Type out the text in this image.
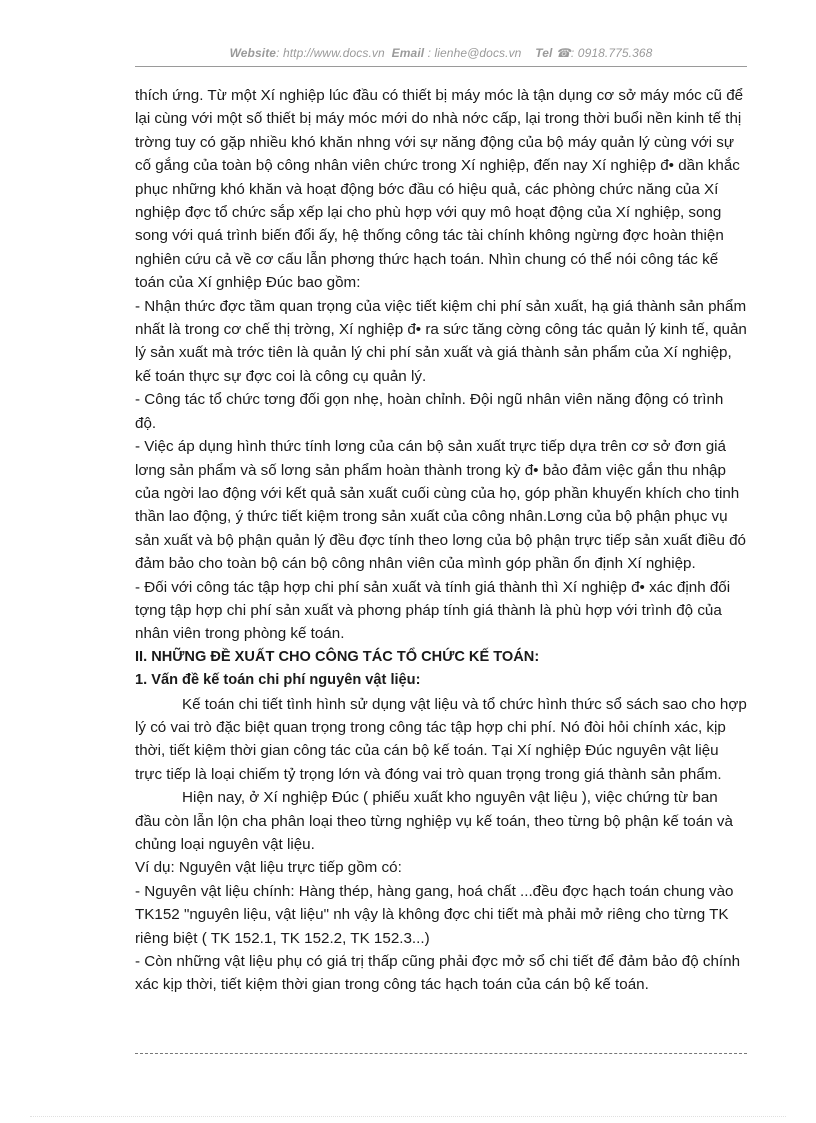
Website: http://www.docs.vn Email : lienhe@docs.vn Tel ☎: 0918.775.368

thích ứng. Từ một Xí nghiệp lúc đầu có thiết bị máy móc là tận dụng cơ sở máy móc cũ để lại cùng với một số thiết bị máy móc mới do nhà nớc cấp, lại trong thời buổi nền kinh tế thị trờng tuy có gặp nhiều khó khăn nhng với sự năng động của bộ máy quản lý cùng với sự cố gắng của toàn bộ công nhân viên chức trong Xí nghiệp, đến nay Xí nghiệp đ• dần khắc phục những khó khăn và hoạt động bớc đầu có hiệu quả, các phòng chức năng của Xí nghiệp đợc tổ chức sắp xếp lại cho phù hợp với quy mô hoạt động của Xí nghiệp, song song với quá trình biến đổi ấy, hệ thống công tác tài chính không ngừng đợc hoàn thiện nghiên cứu cả về cơ cấu lẫn phơng thức hạch toán. Nhìn chung có thể nói công tác kế toán của Xí gnhiệp Đúc bao gồm:

- Nhận thức đợc tầm quan trọng của việc tiết kiệm chi phí sản xuất, hạ giá thành sản phẩm nhất là trong cơ chế thị trờng, Xí nghiệp đ• ra sức tăng cờng công tác quản lý kinh tế, quản lý sản xuất mà trớc tiên là quản lý chi phí sản xuất và giá thành sản phẩm của Xí nghiệp, kế toán thực sự đợc coi là công cụ quản lý.

- Công tác tổ chức tơng đối gọn nhẹ, hoàn chỉnh. Đội ngũ nhân viên năng động có trình độ.

- Việc áp dụng hình thức tính lơng của cán bộ sản xuất trực tiếp dựa trên cơ sở đơn giá lơng sản phẩm và số lơng sản phẩm hoàn thành trong kỳ đ• bảo đảm việc gắn thu nhập của ngời lao động với kết quả sản xuất cuối cùng của họ, góp phần khuyến khích cho tinh thần lao động, ý thức tiết kiệm trong sản xuất của công nhân.Lơng của bộ phận phục vụ sản xuất và bộ phận quản lý đều đợc tính theo lơng của bộ phận trực tiếp sản xuất điều đó đảm bảo cho toàn bộ cán bộ công nhân viên của mình góp phần ổn định Xí nghiệp.

- Đối với công tác tập hợp chi phí sản xuất và tính giá thành thì Xí nghiệp đ• xác định đối tợng tập hợp chi phí sản xuất và phơng pháp tính giá thành là phù hợp với trình độ của nhân viên trong phòng kế toán.

II. NHỮNG ĐỀ XUẤT CHO CÔNG TÁC TỔ CHỨC KẾ TOÁN:

1. Vấn đề kế toán chi phí nguyên vật liệu:

Kế toán chi tiết tình hình sử dụng vật liệu và tổ chức hình thức sổ sách sao cho hợp lý có vai trò đặc biệt quan trọng trong công tác tập hợp chi phí. Nó đòi hỏi chính xác, kịp thời, tiết kiệm thời gian công tác của cán bộ kế toán. Tại Xí nghiệp Đúc nguyên vật liệu trực tiếp là loại chiếm tỷ trọng lớn và đóng vai trò quan trọng trong giá thành sản phẩm.

Hiện nay, ở Xí nghiệp Đúc ( phiếu xuất kho nguyên vật liệu ), việc chứng từ ban đầu còn lẫn lộn cha phân loại theo từng nghiệp vụ kế toán, theo từng bộ phận kế toán và chủng loại nguyên vật liệu.

Ví dụ: Nguyên vật liệu trực tiếp gồm có:

- Nguyên vật liệu chính: Hàng thép, hàng gang, hoá chất ...đều đợc hạch toán chung vào TK152 "nguyên liệu, vật liệu" nh vậy là không đợc chi tiết mà phải mở riêng cho từng TK riêng biệt ( TK 152.1, TK 152.2, TK 152.3...)

- Còn những vật liệu phụ có giá trị thấp cũng phải đợc mở sổ chi tiết để đảm bảo độ chính xác kịp thời, tiết kiệm thời gian trong công tác hạch toán của cán bộ kế toán.
